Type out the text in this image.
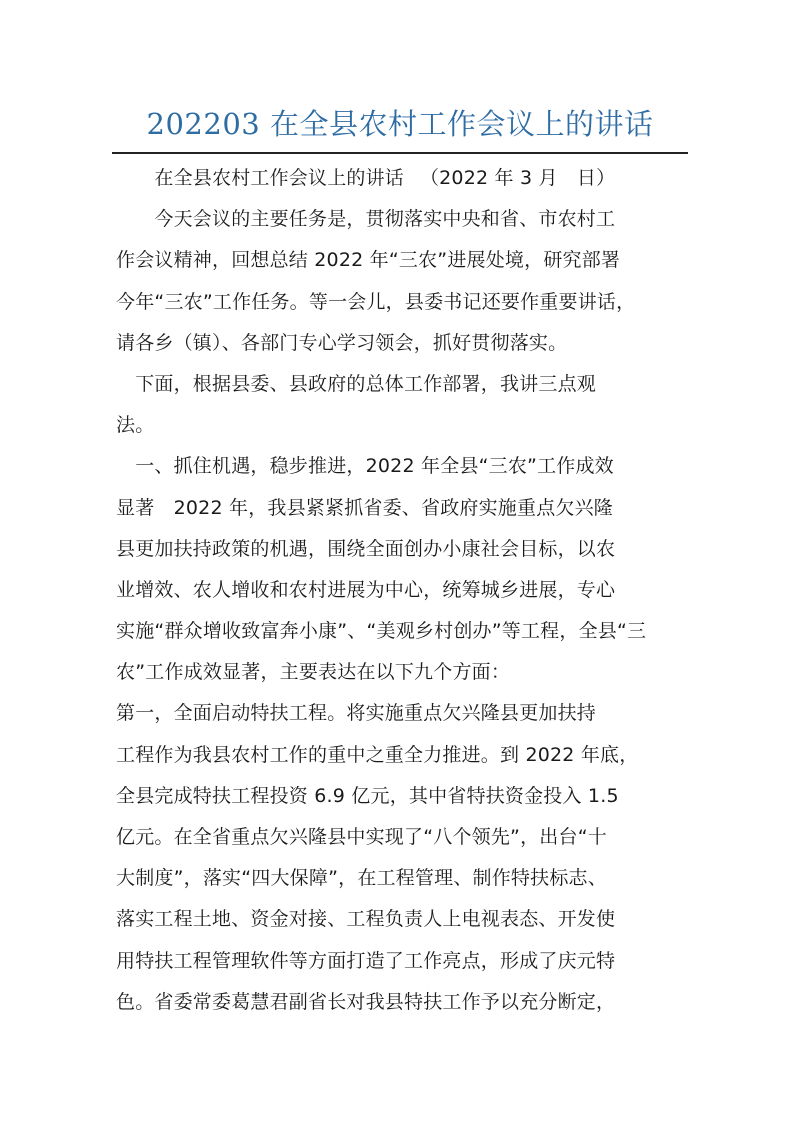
202203 在全县农村工作会议上的讲话
　　在全县农村工作会议上的讲话 　（2022 年 3 月　日）
　　今天会议的主要任务是，贯彻落实中央和省、市农村工
作会议精神，回想总结 2022 年“三农”进展处境，研究部署
今年“三农”工作任务。等一会儿，县委书记还要作重要讲话，
请各乡（镇）、各部门专心学习领会，抓好贯彻落实。
　下面，根据县委、县政府的总体工作部署，我讲三点观
法。
　一、抓住机遇，稳步推进，2022 年全县“三农”工作成效
显著　2022 年，我县紧紧抓省委、省政府实施重点欠兴隆
县更加扶持政策的机遇，围绕全面创办小康社会目标，以农
业增效、农人增收和农村进展为中心，统筹城乡进展，专心
实施“群众增收致富奔小康”、“美观乡村创办”等工程，全县“三
农”工作成效显著，主要表达在以下九个方面：
第一，全面启动特扶工程。将实施重点欠兴隆县更加扶持
工程作为我县农村工作的重中之重全力推进。到 2022 年底，
全县完成特扶工程投资 6.9 亿元，其中省特扶资金投入 1.5
亿元。在全省重点欠兴隆县中实现了“八个领先”，出台“十
大制度”，落实“四大保障”，在工程管理、制作特扶标志、
落实工程土地、资金对接、工程负责人上电视表态、开发使
用特扶工程管理软件等方面打造了工作亮点，形成了庆元特
色。省委常委葛慧君副省长对我县特扶工作予以充分断定，
